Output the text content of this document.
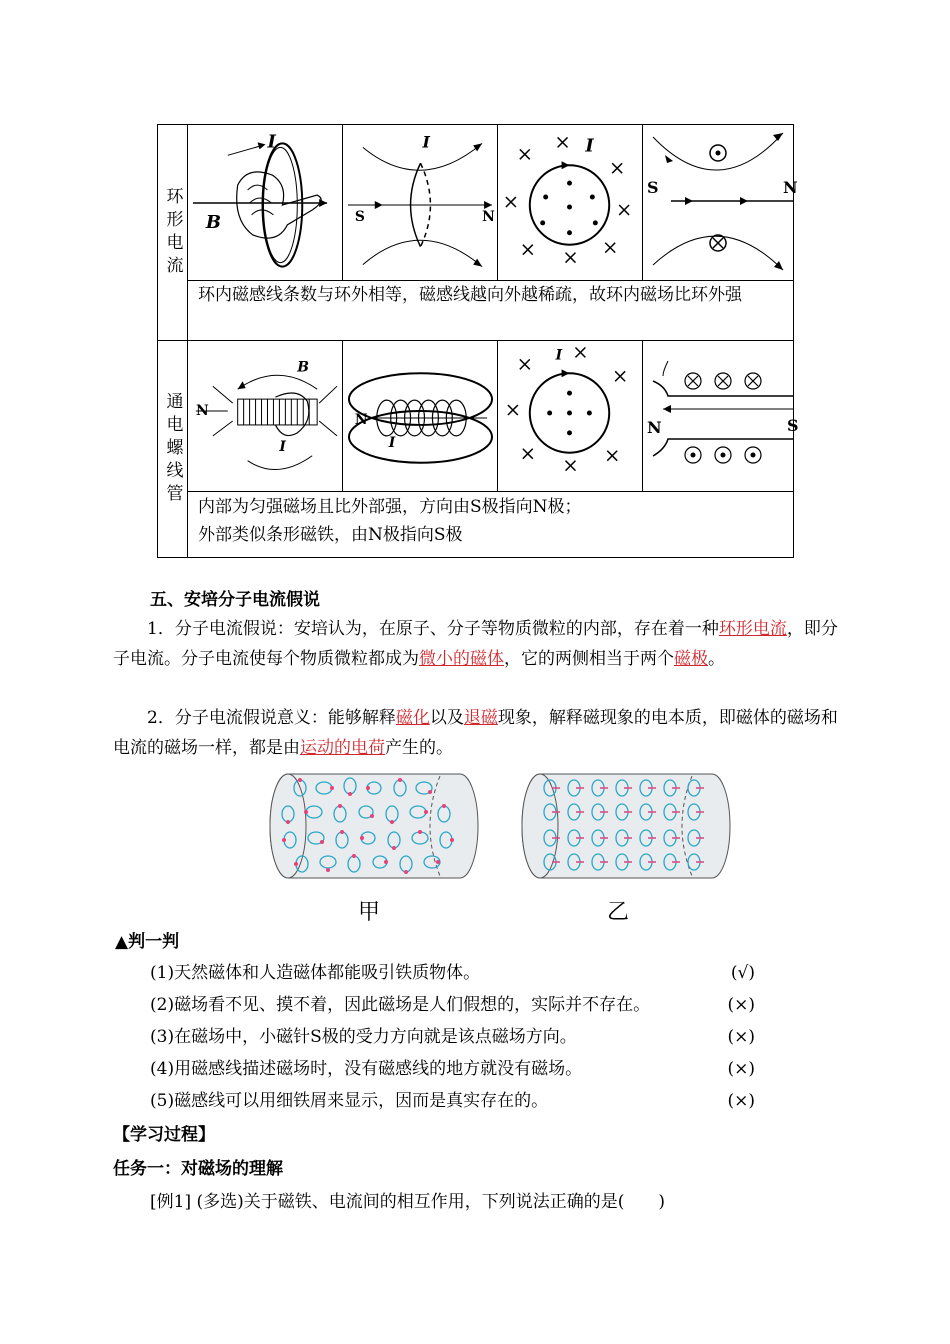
环形电流
I
B
I
S	N
I
S	N
环内磁感线条数与环外相等，磁感线越向外越稀疏，故环内磁场比环外强
通电螺线管
B
N
I
N
I
I
N	S
内部为匀强磁场且比外部强，方向由S极指向N极；
外部类似条形磁铁，由N极指向S极
五、安培分子电流假说
1．分子电流假说：安培认为，在原子、分子等物质微粒的内部，存在着一种环形电流，即分子电流。分子电流使每个物质微粒都成为微小的磁体，它的两侧相当于两个磁极。
2．分子电流假说意义：能够解释磁化以及退磁现象，解释磁现象的电本质，即磁体的磁场和电流的磁场一样，都是由运动的电荷产生的。
甲	乙
▲判一判
(1)天然磁体和人造磁体都能吸引铁质物体。	(√)
(2)磁场看不见、摸不着，因此磁场是人们假想的，实际并不存在。	(×)
(3)在磁场中，小磁针S极的受力方向就是该点磁场方向。	(×)
(4)用磁感线描述磁场时，没有磁感线的地方就没有磁场。	(×)
(5)磁感线可以用细铁屑来显示，因而是真实存在的。	(×)
【学习过程】
任务一：对磁场的理解
[例1] (多选)关于磁铁、电流间的相互作用，下列说法正确的是(　　)
